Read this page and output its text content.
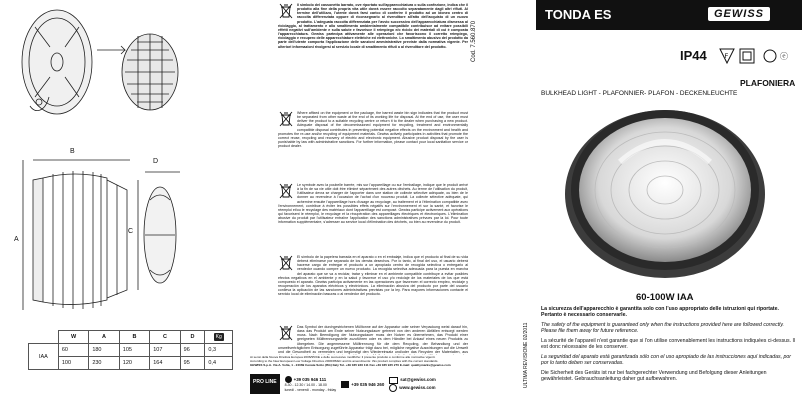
B
D
A
C
	W	A	B	C	D	Kg
IAA	60	180	105	107	96	0,3
	100	230	120	164	95	0,4
Il simbolo del cassonetto barrato, ove riportato sull'apparecchiatura o sulla confezione, indica che il prodotto alla fine della propria vita utile dovrà essere raccolto separatamente dagli altri rifiuti. Al termine dell'utilizzo, l'utente dovrà farsi carico di conferire il prodotto ad un idoneo centro di raccolta differenziata oppure di riconsegnarlo al rivenditore all'atto dell'acquisto di un nuovo prodotto. L'adeguata raccolta differenziata per l'avvio successivo dell'apparecchiatura dismessa al riciclaggio, al trattamento e allo smaltimento ambientalmente compatibile contribuisce ad evitare possibili effetti negativi sull'ambiente e sulla salute e favorisce il reimpiego e/o riciclo dei materiali di cui è composta l'apparecchiatura. Gewiss partecipa attivamente alle operazioni che favoriscono il corretto reimpiego, riciclaggio e recupero delle apparecchiature elettriche ed elettroniche. Lo smaltimento abusivo del prodotto da parte dell'utente comporta l'applicazione delle sanzioni amministrative previste dalla normativa vigente. Per ulteriori informazioni rivolgersi al servizio locale di smaltimento rifiuti o al rivenditore del prodotto.
Where affixed on the equipment or the package, the barred waste bin sign indicates that the product must be separated from other waste at the end of its working life for disposal. At the end of use, the user must deliver the product to a suitable recycling centre or return it to the dealer when purchasing a new product. Adequate disposal of the decommissioned equipment for recycling, treatment and environmentally compatible disposal contributes in preventing potential negative effects on the environment and health and promotes the re-use and/or recycling of equipment materials. Gewiss actively participates in activities that promote the correct reuse, recycling and recovery of electric and electronic equipment. Abusive product disposal by the user is punishable by law with administrative sanctions. For further information, please contact your local sanitation service or product dealer.
Le symbole avec la poubelle barrée, mis sur l'appareillage ou sur l'emballage, indique que le produit arrivé à la fin de sa vie utile doit être éliminé séparément des autres déchets. Au terme de l'utilisation du produit, l'utilisateur devra se charger de l'apporter dans une station de collecte sélective adéquate, ou bien de le donner au revendeur à l'occasion de l'achat d'un nouveau produit. La collecte sélective adéquate, qui achemine ensuite l'appareillage hors d'usage au recyclage, au traitement et à l'élimination compatible avec l'environnement, contribue à éviter les possibles effets négatifs sur l'environnement et sur la santé, et favorise le réemploi et/ou le recyclage des matériaux dont l'appareillage est composé. Gewiss participe activement aux opérations qui favorisent le réemploi, le recyclage et la récupération des appareillages électriques et électroniques. L'élimination abusive du produit par l'utilisateur entraîne l'application des sanctions administratives prévues par la loi. Pour toute information supplémentaire, s'adresser au service local d'élimination des déchets, ou bien au revendeur du produit.
El símbolo de la papelera barrada en el aparato o en el embalaje, indica que el producto al final de su vida deberá eliminarse por separado de los demás desechos. Por lo tanto, al final del uso, el usuario deberá hacerse cargo de entregar el producto a un apropiado centro de recogida selectiva o entregarlo al vendedor cuando compre un nuevo producto. La recogida selectiva adecuada para la puesta en marcha del aparato que se va a reciclar, tratar y eliminar en el ambiente compatible contribuye a evitar posibles efectos negativos en el ambiente y en la salud y favorece el uso y/o reciclaje de los materiales de los que está compuesto el aparato. Gewiss participa activamente en las operaciones que favorecen el correcto empleo, reciclaje y recuperación de los aparatos eléctricos y electrónicos. La eliminación abusiva del producto por parte del usuario conlleva la aplicación de las sanciones administrativas previstas por la ley. Para mayores informaciones contacte el servicio local de eliminación basuras o al vendedor del producto.
Das Symbol der durchgestrichenen Mülltonne auf der Apparatur oder seiner Verpackung weist darauf hin, dass das Produkt am Ende seiner Nutzungsdauer getrennt von den anderen Abfällen entsorgt werden muss. Nach Beendigung der Nutzungsdauer muss der Nutzer es übernehmen, das Produkt einer geeigneten Mülltrennungsstelle zuzuführen oder es dem Händler bei Ankauf eines neuen Produkts zu übergeben. Die angemessene Mülltrennung für die dem Recycling, der Behandlung und der umweltverträglichen Entsorgung zugeführte Apparatur trägt dazu bei, mögliche negative Auswirkungen auf die Umwelt und die Gesundheit zu vermeiden und begünstigt den Wiedereinsatz und/oder das Recyclen der Materialien, aus
Cod. 7.560.870
Ai sensi della Nuova Direttiva Europea 2006/95/CE e delle successive modifiche: il presente prodotto è conforme alle normative vigenti.
According to the New European Low Voltage Directive 2006/95/EC and its amendments: this product complies with the current standards.
GEWISS S.p.A. Via A. Volta, 1 - 24069 Cenate Sotto (BG) Italy Tel. +39 035 946 111 Fax +39 035 945 270 E-mail: qualitymarks@gewiss.com
PRO LINE	+39 035 946 111
8.30 - 12.30 / 14.00 - 18.00
lunedì - venerdì - monday - friday
+39 035 946 260
sat@gewiss.com
www.gewiss.com	ULTIMA REVISIONE 02/2011
TONDA ES	GEWISS
IP44	F	ⓔ
PLAFONIERA
BULKHEAD LIGHT - PLAFONNIER- PLAFON - DECKENLEUCHTE
60-100W IAA

La sicurezza dell'apparecchio è garantita solo con l'uso appropriato delle istruzioni qui riportate. Pertanto è necessario conservarle.

The safety of the equipment is guaranteed only when the instructions provided here are followed correctly. Please file them away for future reference.

La sécurité de l'appareil n'est garantie que si l'on utilise convenablement les instructions indiquées ci-dessus. Il est donc nécessaire de les conserver.

La seguridad del aparato está garantizada sólo con el uso apropiado de las instrucciones aquí indicadas, por por lo tanto deben ser conservadas.

Die Sicherheit des Geräts ist nur bei fachgerechter Verwendung und Befolgung dieser Anleitungen gewährleistet. Gebrauchsanleitung daher gut aufbewahren.
